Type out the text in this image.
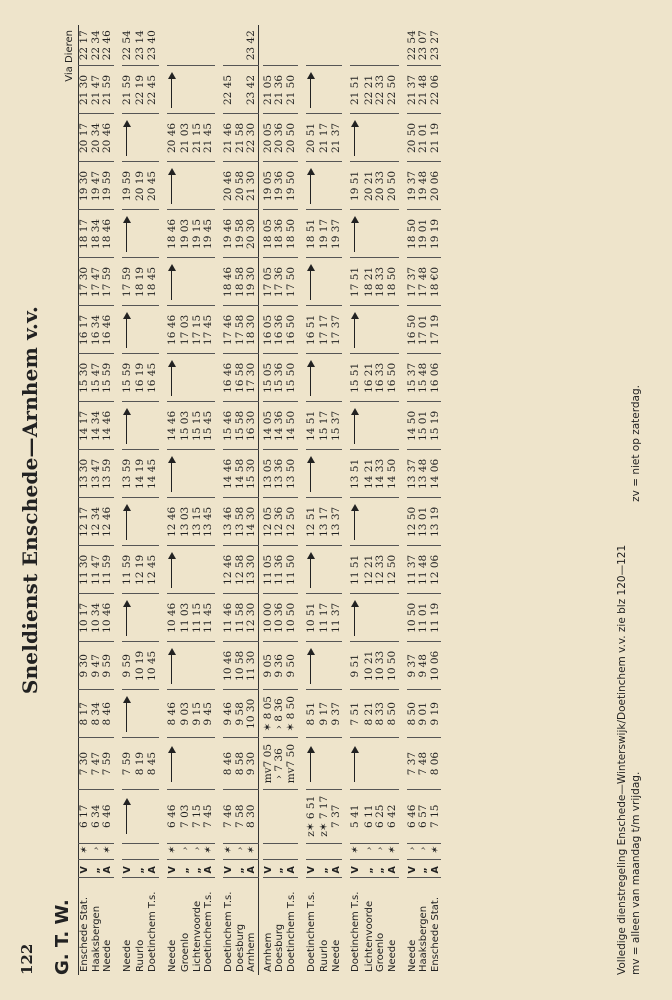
122
Sneldienst Enschede—Arnhem v.v.
G. T. W. Enschede Stat.	V	✶	6 17	7 30	8 17	9 30	10 17	11 30	12 17	13 30	14 17	15 30	16 17	17 30	18 17	19 30	20 17	21 30	22 17
Haaksbergen	„	›	6 34	7 47	8 34	9 47	10 34	11 47	12 34	13 47	14 34	15 47	16 34	17 47	18 34	19 47	20 34	21 47	22 34
Neede	A	✶	6 46	7 59	8 46	9 59	10 46	11 59	12 46	13 59	14 46	15 59	16 46	17 59	18 46	19 59	20 46	21 59	22 46

Neede	V			7 59		9 59		11 59		13 59		15 59		17 59		19 59		21 59	22 54
Ruurlo	„			8 19		10 19		12 19		14 19		16 19		18 19		20 19		22 19	23 14
Doetinchem T.s.	A			8 45		10 45		12 45		14 45		16 45		18 45		20 45		22 45	23 40

Neede	V	✶	6 46		8 46		10 46		12 46		14 46		16 46		18 46		20 46		
Groenlo	„	›	7 03		9 03		11 03		13 03		15 03		17 03		19 03		21 03		
Lichtenvoorde	„	›	7 15		9 15		11 15		13 15		15 15		17 15		19 15		21 15		
Doetinchem T.s.	A	✶	7 45		9 45		11 45		13 45		15 45		17 45		19 45		21 45		

Doetinchem T.s.	V	✶	7 46	8 46	9 46	10 46	11 46	12 46	13 46	14 46	15 46	16 46	17 46	18 46	19 46	20 46	21 46	22 45	
Doesburg	„	›	7 58	8 58	9 58	10 58	11 58	12 58	13 58	14 58	15 58	16 58	17 58	18 58	19 58	20 58	21 58		
Arnhem	A	✶	8 30	9 30	10 30	11 30	12 30	13 30	14 30	15 30	16 30	17 30	18 30	19 30	20 30	21 30	22 30	23 42	23 42

Arnhem	V			mv7 05	✶ 8 05	9 05	10 00	11 05	12 05	13 05	14 05	15 05	16 05	17 05	18 05	19 05	20 05	21 05	
Doesburg	„			› 7 36	› 8 36	9 36	10 36	11 36	12 36	13 36	14 36	15 36	16 36	17 36	18 36	19 36	20 36	21 36	
Doetinchem T.s.	A			mv7 50	✶ 8 50	9 50	10 50	11 50	12 50	13 50	14 50	15 50	16 50	17 50	18 50	19 50	20 50	21 50	

Doetinchem T.s.	V		z✶ 6 51		8 51		10 51		12 51		14 51		16 51		18 51		20 51		
Ruurlo	„		z✶ 7 17		9 17		11 17		13 17		15 17		17 17		19 17		21 17		
Neede	A		7 37		9 37		11 37		13 37		15 37		17 37		19 37		21 37		

Doetinchem T.s.	V	✶	5 41		7 51	9 51		11 51		13 51		15 51		17 51		19 51		21 51	
Lichtenvoorde	„	›	6 11		8 21	10 21		12 21		14 21		16 21		18 21		20 21		22 21	
Groenlo	„	›	6 25		8 33	10 33		12 33		14 33		16 33		18 33		20 33		22 33	
Neede	A	✶	6 42		8 50	10 50		12 50		14 50		16 50		18 50		20 50		22 50	

Neede	V	›	6 46	7 37	8 50	9 37	10 50	11 37	12 50	13 37	14 50	15 37	16 50	17 37	18 50	19 37	20 50	21 37	22 54
Haaksbergen	„	›	6 57	7 48	9 01	9 48	11 01	11 48	13 01	13 48	15 01	15 48	17 01	17 48	19 01	19 48	21 01	21 48	23 07
Enschede Stat.	A	✶	7 15	8 06	9 19	10 06	11 19	12 06	13 19	14 06	15 19	16 06	17 19	18 €0	19 19	20 06	21 19	22 06	23 27
Volledige dienstregeling Enschede—Winterswijk/Doetinchem v.v. zie blz 120—121 mv = alleen van maandag t/m vrijdag.
zv = niet op zaterdag.
Via Dieren
